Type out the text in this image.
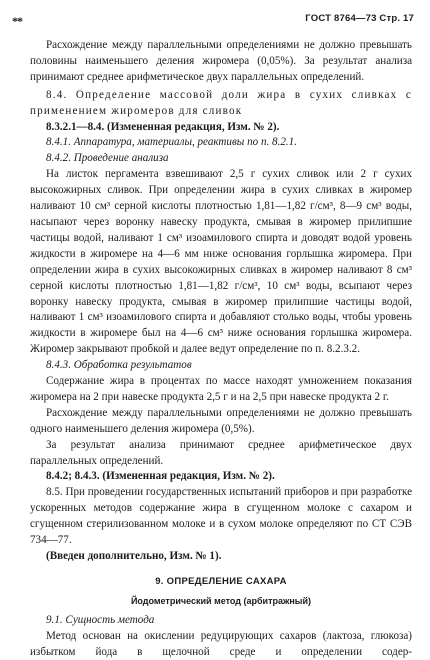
**	ГОСТ 8764—73 Стр. 17

Расхождение между параллельными определениями не должно превышать половины наименьшего деления жиромера (0,05%). За результат анализа принимают среднее арифметическое двух параллельных определений.

8.4. Определение массовой доли жира в сухих сливках с применением жиромеров для сливок

8.3.2.1—8.4. (Измененная редакция, Изм. № 2).

8.4.1. Аппаратура, материалы, реактивы по п. 8.2.1.

8.4.2. Проведение анализа

На листок пергамента взвешивают 2,5 г сухих сливок или 2 г сухих высокожирных сливок. При определении жира в сухих сливках в жиромер наливают 10 см³ серной кислоты плотностью 1,81—1,82 г/см³, 8—9 см³ воды, насыпают через воронку навеску продукта, смывая в жиромер прилипшие частицы водой, наливают 1 см³ изоамилового спирта и доводят водой уровень жидкости в жиромере на 4—6 мм ниже основания горлышка жиромера. При определении жира в сухих высокожирных сливках в жиромер наливают 8 см³ серной кислоты плотностью 1,81—1,82 г/см³, 10 см³ воды, всыпают через воронку навеску продукта, смывая в жиромер прилипшие частицы водой, наливают 1 см³ изоамилового спирта и добавляют столько воды, чтобы уровень жидкости в жиромере был на 4—6 см³ ниже основания горлышка жиромера. Жиромер закрывают пробкой и далее ведут определение по п. 8.2.3.2.

8.4.3. Обработка результатов

Содержание жира в процентах по массе находят умножением показания жиромера на 2 при навеске продукта 2,5 г и на 2,5 при навеске продукта 2 г.

Расхождение между параллельными определениями не должно превышать одного наименьшего деления жиромера (0,5%).

За результат анализа принимают среднее арифметическое двух параллельных определений.

8.4.2; 8.4.3. (Измененная редакция, Изм. № 2).

8.5. При проведении государственных испытаний приборов и при разработке ускоренных методов содержание жира в сгущенном молоке с сахаром и сгущенном стерилизованном молоке и в сухом молоке определяют по СТ СЭВ 734—77.

(Введен дополнительно, Изм. № 1).

9. ОПРЕДЕЛЕНИЕ САХАРА

Йодометрический метод (арбитражный)

9.1. Сущность метода

Метод основан на окислении редуцирующих сахаров (лактоза, глюкоза) избытком йода в щелочной среде и определении содер-
